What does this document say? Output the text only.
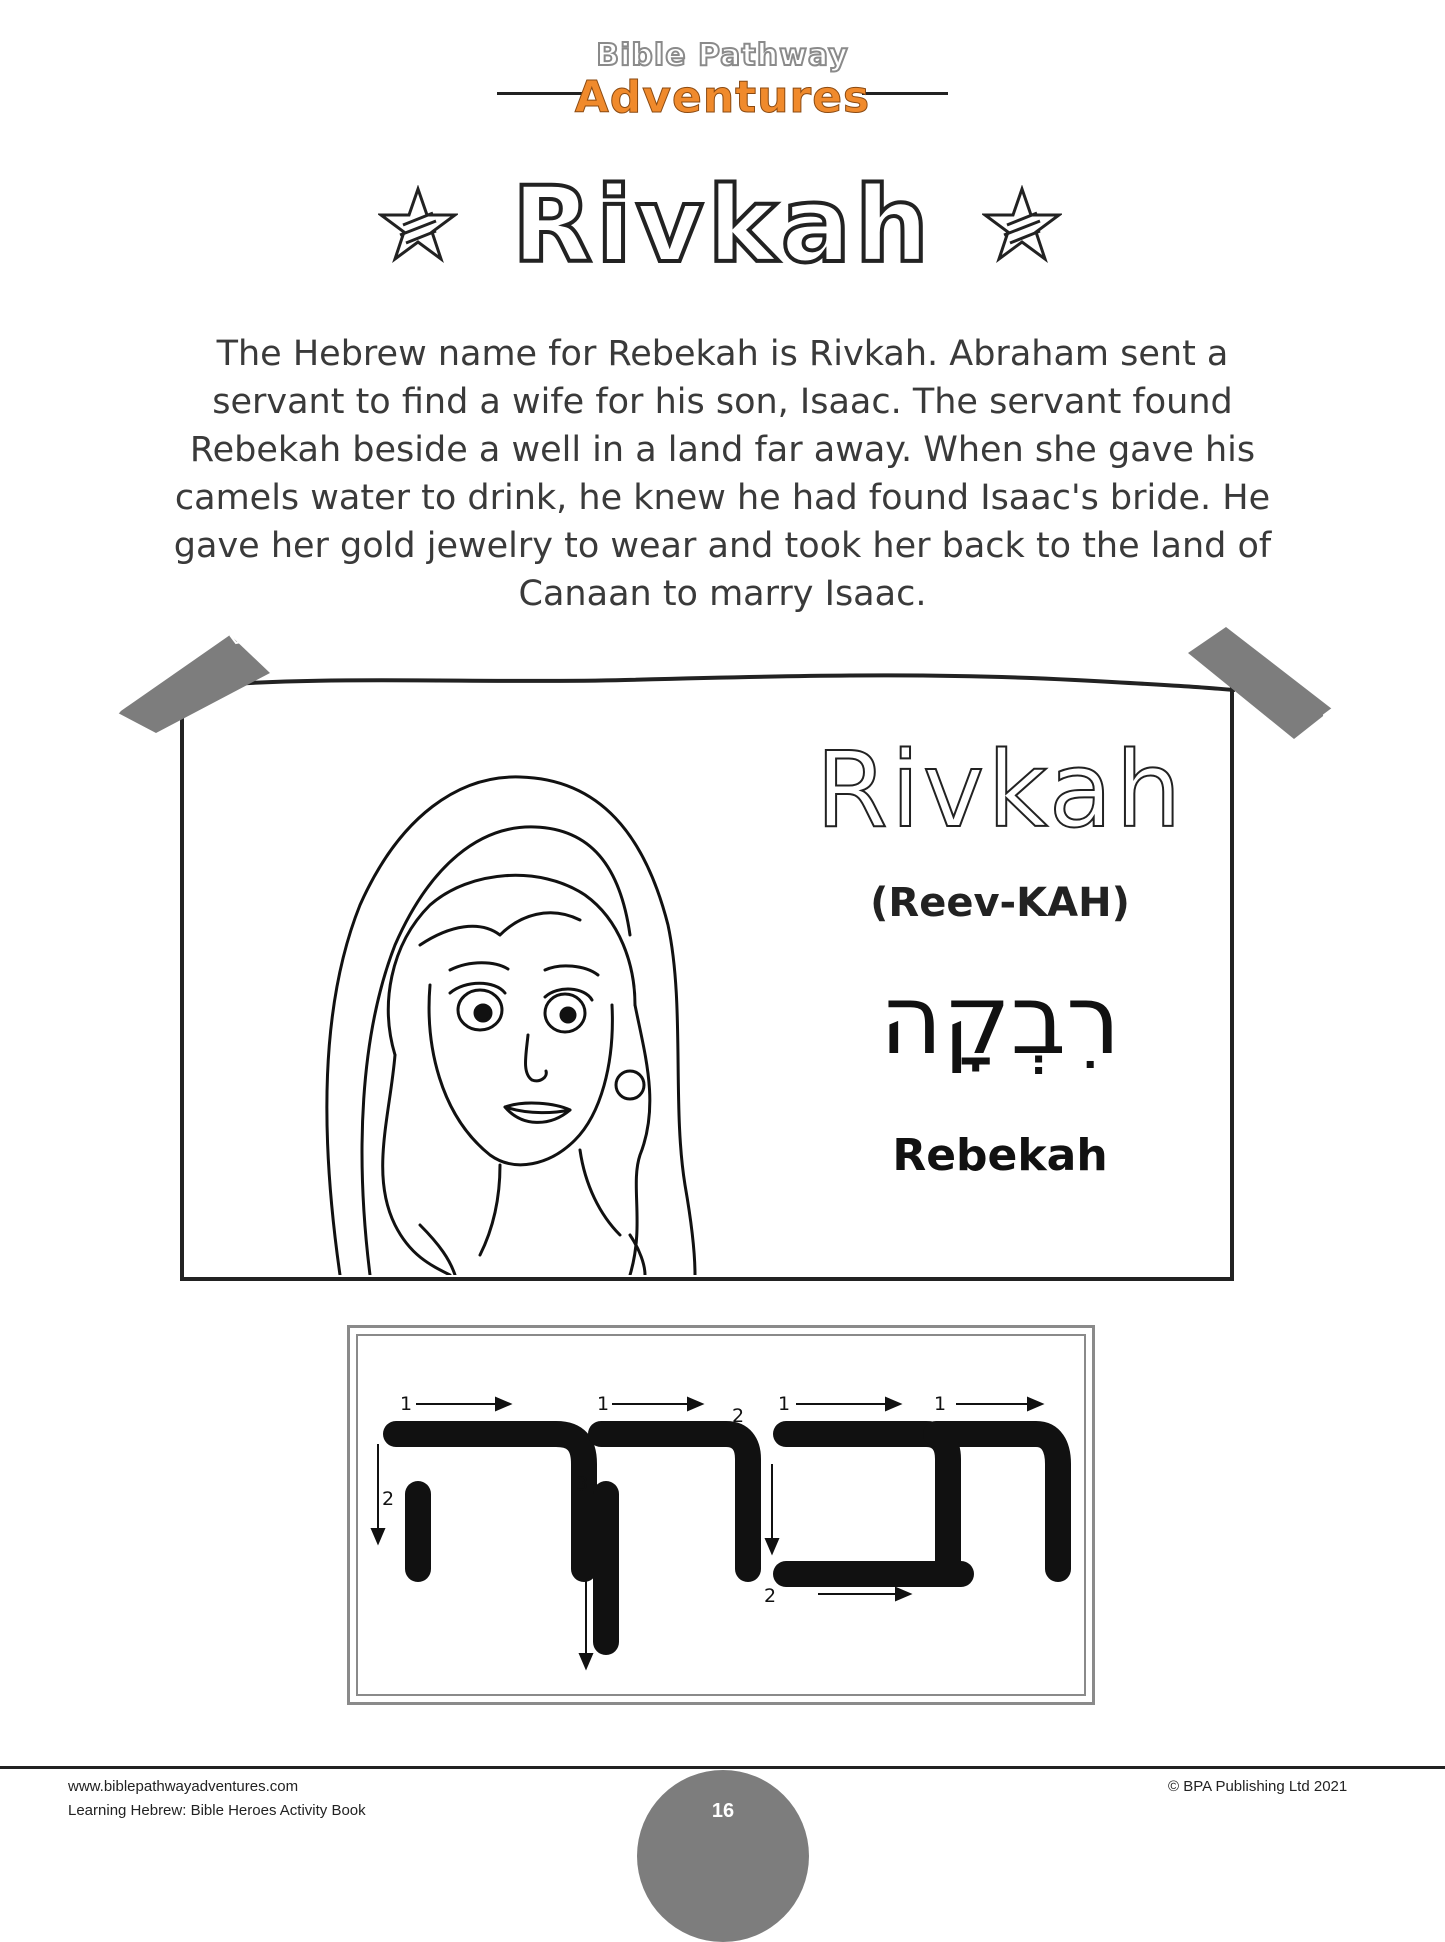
Bible Pathway
Adventures
Rivkah
The Hebrew name for Rebekah is Rivkah. Abraham sent a servant to find a wife for his son, Isaac. The servant found Rebekah beside a well in a land far away. When she gave his camels water to drink, he knew he had found Isaac's bride. He gave her gold jewelry to wear and took her back to the land of Canaan to marry Isaac.
Rivkah
(Reev-KAH)
רִבְקָה
Rebekah
1
2
1
3
2
1
2
1
16
www.biblepathwayadventures.com
Learning Hebrew: Bible Heroes Activity Book
© BPA Publishing Ltd 2021
